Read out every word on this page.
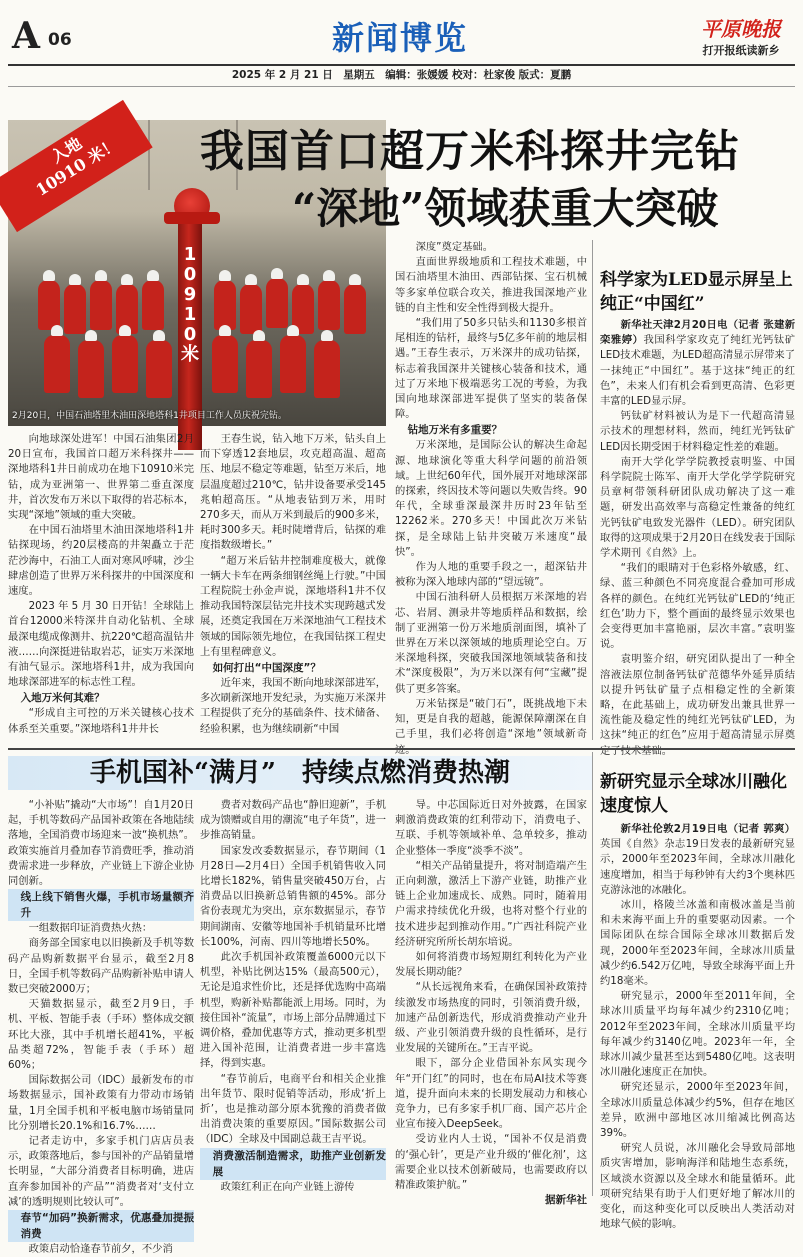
A 06	新闻博览	平原晚报
打开报纸读新乡
2025 年 2 月 21 日　星期五　编辑：张媛媛 校对：杜家俊 版式：夏鹏
10910米
入地
10910 米！
2月20日，中国石油塔里木油田深地塔科1井项目工作人员庆祝完钻。
我国首口超万米科探井完钻
“深地”领域获重大突破

深度”奠定基础。

直面世界级地质和工程技术难题，中国石油塔里木油田、西部钻探、宝石机械等多家单位联合攻关，推进我国深地产业链的自主性和安全性得到极大提升。

“我们用了50多只钻头和1130多根首尾相连的钻杆，最终与5亿多年前的地层相遇。”王春生表示，万米深井的成功钻探，标志着我国深井关键核心装备和技术，通过了万米地下极端恶劣工况的考验，为我国向地球深部进军提供了坚实的装备保障。

钻地万米有多重要？

万米深地，是国际公认的解决生命起源、地球演化等重大科学问题的前沿领域。上世纪60年代，国外展开对地球深部的探索，终因技术等问题以失败告终。90年代，全球垂深最深井历时23年钻至12262米。270多天！中国此次万米钻探，是全球陆上钻井突破万米速度“最快”。

作为人地的重要手段之一，超深钻井被称为深入地球内部的“望远镜”。

中国石油科研人员根据万米深地的岩芯、岩屑、测录井等地质样品和数据，绘制了亚洲第一份万米地质剖面图，填补了世界在万米以深领域的地质理论空白。万米深地科探，突破我国深地领域装备和技术“深度极限”，为万米以深有何“宝藏”提供了更多答案。

万米钻探是“破门石”，既挑战地下未知，更是自我的超越，能源保障潮深在自己手里，我们必将创造“深地”领域新奇迹。

向地球深处进军！中国石油集团2月20日宣布，我国首口超万米科探井——深地塔科1井日前成功在地下10910米完钻，成为亚洲第一、世界第二垂直深度井，首次发布万米以下取得的岩芯标本，实现“深地”领域的重大突破。

在中国石油塔里木油田深地塔科1井钻探现场，约20层楼高的井架矗立于茫茫沙海中，石油工人面对寒风呼啸，沙尘肆虐创造了世界万米科探井的中国深度和速度。

2023 年 5 月 30 日开钻！全球陆上首台12000米特深井自动化钻机、全球最深电缆成像测井、抗220℃超高温钻井液……向深挺进钻取岩芯，证实万米深地有油气显示。深地塔科1井，成为我国向地球深部进军的标志性工程。

入地万米何其难？

“形成自主可控的万米关键核心技术体系至关重要。”深地塔科1井井长

王春生说，钻入地下万米，钻头自上而下穿透12套地层，攻克超高温、超高压、地层不稳定等难题，钻至万米后，地层温度超过210℃，钻井设备要承受145兆帕超高压。“从地表钻到万米，用时270多天，而从万米到最后的900多米，耗时300多天。耗时陡增背后，钻探的难度指数级增长。”

“超万米后钻井控制难度极大，就像一辆大卡车在两条细钢丝绳上行驶。”中国工程院院士孙金声说，深地塔科1井不仅推动我国特深层钻完井技术实现跨越式发展，还奠定我国在万米深地油气工程技术领域的国际领先地位，在我国钻探工程史上有里程碑意义。

如何打出“中国深度”？

近年来，我国不断向地球深部进军，多次刷新深地开发纪录，为实施万米深井工程提供了充分的基础条件、技术储备、经验积累，也为继续刷新“中国

科学家为LED显示屏呈上纯正“中国红”

新华社天津2月20日电（记者 张建新 栾雅婷）我国科学家攻克了纯红光钙钛矿LED技术难题，为LED超高清显示屏带来了一抹纯正“中国红”。基于这抹“纯正的红色”，未来人们有机会看到更高清、色彩更丰富的LED显示屏。

钙钛矿材料被认为是下一代超高清显示技术的理想材料，然而，纯红光钙钛矿LED因长期受困于材料稳定性差的难题。

南开大学化学学院教授袁明鉴、中国科学院院士陈军、南开大学化学学院研究员章柯带领科研团队成功解决了这一难题，研发出高效率与高稳定性兼备的纯红光钙钛矿电致发光器件（LED）。研究团队取得的这项成果于2月20日在线发表于国际学术期刊《自然》上。

“我们的眼睛对于色彩格外敏感，红、绿、蓝三种颜色不同亮度混合叠加可形成各样的颜色。在纯红光钙钛矿LED的‘纯正红色’助力下，整个画面的最终显示效果也会变得更加丰富艳丽，层次丰富。”袁明鉴说。

袁明鉴介绍，研究团队提出了一种全溶液法原位制备钙钛矿范德华外延异质结以提升钙钛矿量子点相稳定性的全新策略，在此基础上，成功研发出兼具世界一流性能及稳定性的纯红光钙钛矿LED，为这抹“纯正的红色”应用于超高清显示屏奠定了技术基础。

手机国补“满月”　持续点燃消费热潮

“小补贴”撬动“大市场”！自1月20日起，手机等数码产品国补政策在各地陆续落地，全国消费市场迎来一波“换机热”。政策实施首月叠加春节消费旺季，推动消费需求进一步释放，产业链上下游企业协同创新。

线上线下销售火爆，手机市场量额齐升

一组数据印证消费热火热：

商务部全国家电以旧换新及手机等数码产品购新数据平台显示，截至2月8日，全国手机等数码产品购新补贴申请人数已突破2000万；

天猫数据显示，截至2月9日，手机、平板、智能手表（手环）整体成交额环比大涨，其中手机增长超41%，平板品类超72%，智能手表（手环）超60%；

国际数据公司（IDC）最新发布的市场数据显示，国补政策有力带动市场销量，1月全国手机和平板电脑市场销量同比分别增长20.1%和16.7%……

记者走访中，多家手机门店店员表示，政策落地后，参与国补的产品销量增长明显，“大部分消费者目标明确，进店直奔参加国补的产品”“消费者对‘支付立减’的透明规则比较认可”。

春节“加码”换新需求，优惠叠加提振消费

政策启动恰逢春节前夕，不少消

费者对数码产品也“静旧迎新”，手机成为馈赠或自用的潮流“电子年货”，进一步推高销量。

国家发改委数据显示，春节期间（1月28日—2月4日）全国手机销售收入同比增长182%，销售量突破450万台，占消费品以旧换新总销售额的45%。部分省份表现尤为突出，京东数据显示，春节期间湖南、安徽等地国补手机销量环比增长100%，河南、四川等地增长50%。

此次手机国补政策覆盖6000元以下机型，补贴比例达15%（最高500元），无论是追求性价比，还是择优选购中高端机型，购新补贴都能派上用场。同时，为接住国补“流量”，市场上部分品牌通过下调价格，叠加优惠等方式，推动更多机型进入国补范围，让消费者进一步丰富选择，得到实惠。

“春节前后，电商平台和相关企业推出年货节、限时促销等活动，形成‘折上折’，也是推动部分原本犹豫的消费者做出消费决策的重要原因。”国际数据公司（IDC）全球及中国副总裁王吉平说。

消费激活制造需求，助推产业创新发展

政策红利正在向产业链上游传

导。中芯国际近日对外披露，在国家刺激消费政策的红利带动下，消费电子、互联、手机等领域补单、急单较多，推动企业整体一季度“淡季不淡”。

“相关产品销量提升，将对制造端产生正向刺激，激活上下游产业链，助推产业链上企业加速成长、成熟。同时，随着用户需求持续优化升级，也将对整个行业的技术进步起到推动作用。”广西社科院产业经济研究所所长胡东培说。

如何将消费市场短期红利转化为产业发展长期动能？

“从长远视角来看，在确保国补政策持续激发市场热度的同时，引领消费升级，加速产品创新迭代，形成消费推动产业升级、产业引领消费升级的良性循环，是行业发展的关键所在。”王吉平说。

眼下，部分企业借国补东风实现今年“开门红”的同时，也在布局AI技术等赛道，提升面向未来的长期发展动力和核心竞争力，已有多家手机厂商、国产芯片企业宣布接入DeepSeek。

受访业内人士说，“国补不仅是消费的‘强心针’，更是产业升级的‘催化剂’，这需要企业以技术创新破局，也需要政府以精准政策护航。”

据新华社
新研究显示全球冰川融化速度惊人

新华社伦敦2月19日电（记者 郭爽）英国《自然》杂志19日发表的最新研究显示，2000年至2023年间，全球冰川融化速度增加，相当于每秒钟有大约3个奥林匹克游泳池的冰融化。

冰川，格陵兰冰盖和南极冰盖是当前和未来海平面上升的重要驱动因素。一个国际团队在综合国际全球冰川数据后发现，2000年至2023年间，全球冰川质量减少约6.542万亿吨，导致全球海平面上升约18毫米。

研究显示，2000年至2011年间，全球冰川质量平均每年减少约2310亿吨；2012年至2023年间，全球冰川质量平均每年减少约3140亿吨。2023年一年，全球冰川减少量甚至达到5480亿吨。这表明冰川融化速度正在加快。

研究还显示，2000年至2023年间，全球冰川质量总体减少约5%，但存在地区差异，欧洲中部地区冰川缩减比例高达39%。

研究人员说，冰川融化会导致局部地质灾害增加，影响海洋和陆地生态系统，区域淡水资源以及全球水和能量循环。此项研究结果有助于人们更好地了解冰川的变化，而这种变化可以反映出人类活动对地球气候的影响。
